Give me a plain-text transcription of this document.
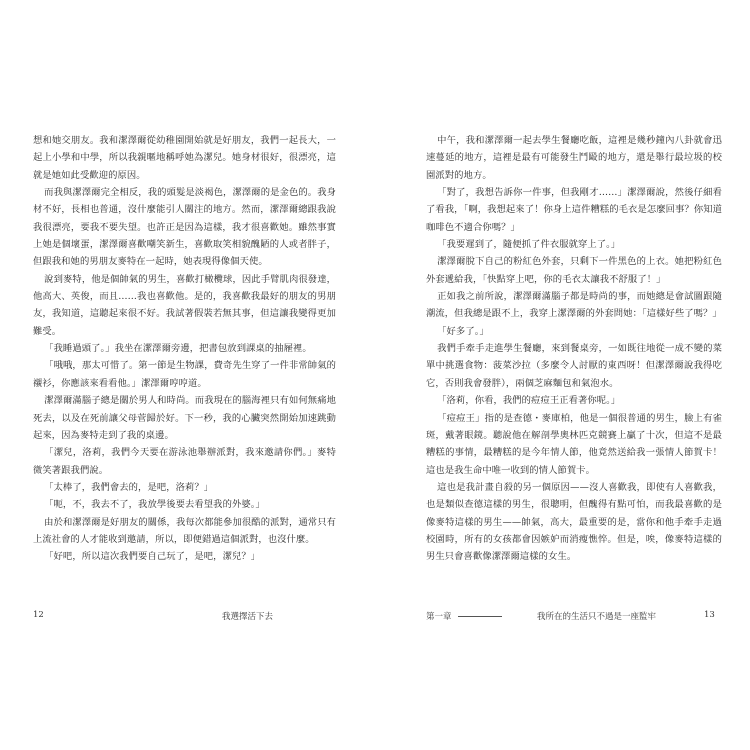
想和她交朋友。我和潔澤爾從幼稚園開始就是好朋友，我們一起長大，一起上小學和中學，所以我親暱地稱呼她為潔兒。她身材很好，很漂亮，這就是她如此受歡迎的原因。

而我與潔澤爾完全相反，我的頭髮是淡褐色，潔澤爾的是金色的。我身材不好，長相也普通，沒什麼能引人關注的地方。然而，潔澤爾總跟我說我很漂亮，要我不要失望。也許正是因為這樣，我才很喜歡她。雖然事實上她是個壞蛋，潔澤爾喜歡嘲笑新生，喜歡取笑相貌醜陋的人或者胖子，但跟我和她的男朋友麥特在一起時，她表現得像個天使。

說到麥特，他是個帥氣的男生，喜歡打橄欖球，因此手臂肌肉很發達，他高大、英俊，而且……我也喜歡他。是的，我喜歡我最好的朋友的男朋友，我知道，這聽起來很不好。我試著假裝若無其事，但這讓我變得更加難受。

「我睡過頭了。」我坐在潔澤爾旁邊，把書包放到課桌的抽屜裡。

「哦哦，那太可惜了。第一節是生物課，費奇先生穿了一件非常帥氣的襯衫，你應該來看看他。」潔澤爾哼哼道。

潔澤爾滿腦子總是關於男人和時尚。而我現在的腦海裡只有如何無痛地死去，以及在死前讓父母菅歸於好。下一秒，我的心臟突然開始加速跳動起來，因為麥特走到了我的桌邊。

「潔兒，洛莉，我們今天要在游泳池舉辦派對，我來邀請你們。」麥特微笑著跟我們說。

「太棒了，我們會去的，是吧，洛莉？」

「呃，不，我去不了，我放學後要去看望我的外婆。」

由於和潔澤爾是好朋友的關係，我每次都能參加很酷的派對，通常只有上流社會的人才能收到邀請，所以，即便錯過這個派對，也沒什麼。

「好吧，所以這次我們要自己玩了，是吧，潔兒？」

12	我選擇活下去

中午，我和潔澤爾一起去學生餐廳吃飯，這裡是幾秒鐘內八卦就會迅速蔓延的地方，這裡是最有可能發生鬥毆的地方，還是舉行最垃圾的校園派對的地方。

「對了，我想告訴你一件事，但我剛才……」潔澤爾說，然後仔細看了看我，「啊，我想起來了！你身上這件糟糕的毛衣是怎麼回事？你知道咖啡色不適合你嗎？」

「我要遲到了，隨便抓了件衣服就穿上了。」

潔澤爾脫下自己的粉紅色外套，只剩下一件黑色的上衣。她把粉紅色外套遞給我，「快點穿上吧，你的毛衣太讓我不舒服了！」

正如我之前所說，潔澤爾滿腦子都是時尚的事，而她總是會試圖跟隨潮流，但我總是跟不上，我穿上潔澤爾的外套問她：「這樣好些了嗎？」

「好多了。」

我們手牽手走進學生餐廳，來到餐桌旁，一如既往地從一成不變的菜單中挑選食物：菠菜沙拉（多麼令人討厭的東西呀！但潔澤爾說我得吃它，否則我會發胖），兩個芝麻麵包和氣泡水。

「洛莉，你看，我們的痘痘王正看著你呢。」

「痘痘王」指的是查德・麥庫柏，他是一個很普通的男生，臉上有雀斑，戴著眼鏡。聽說他在解剖學奧林匹克競賽上贏了十次，但這不是最糟糕的事情，最糟糕的是今年情人節，他竟然送給我一張情人節賀卡！這也是我生命中唯一收到的情人節賀卡。

這也是我計畫自殺的另一個原因——沒人喜歡我，即使有人喜歡我，也是類似查德這樣的男生，很聰明，但醜得有點可怕，而我最喜歡的是像麥特這樣的男生——帥氣，高大，最重要的是，當你和他手牽手走過校園時，所有的女孩都會因嫉妒而消瘦憔悴。但是，唉，像麥特這樣的男生只會喜歡像潔澤爾這樣的女生。

第一章	我所在的生活只不過是一座監牢	13
